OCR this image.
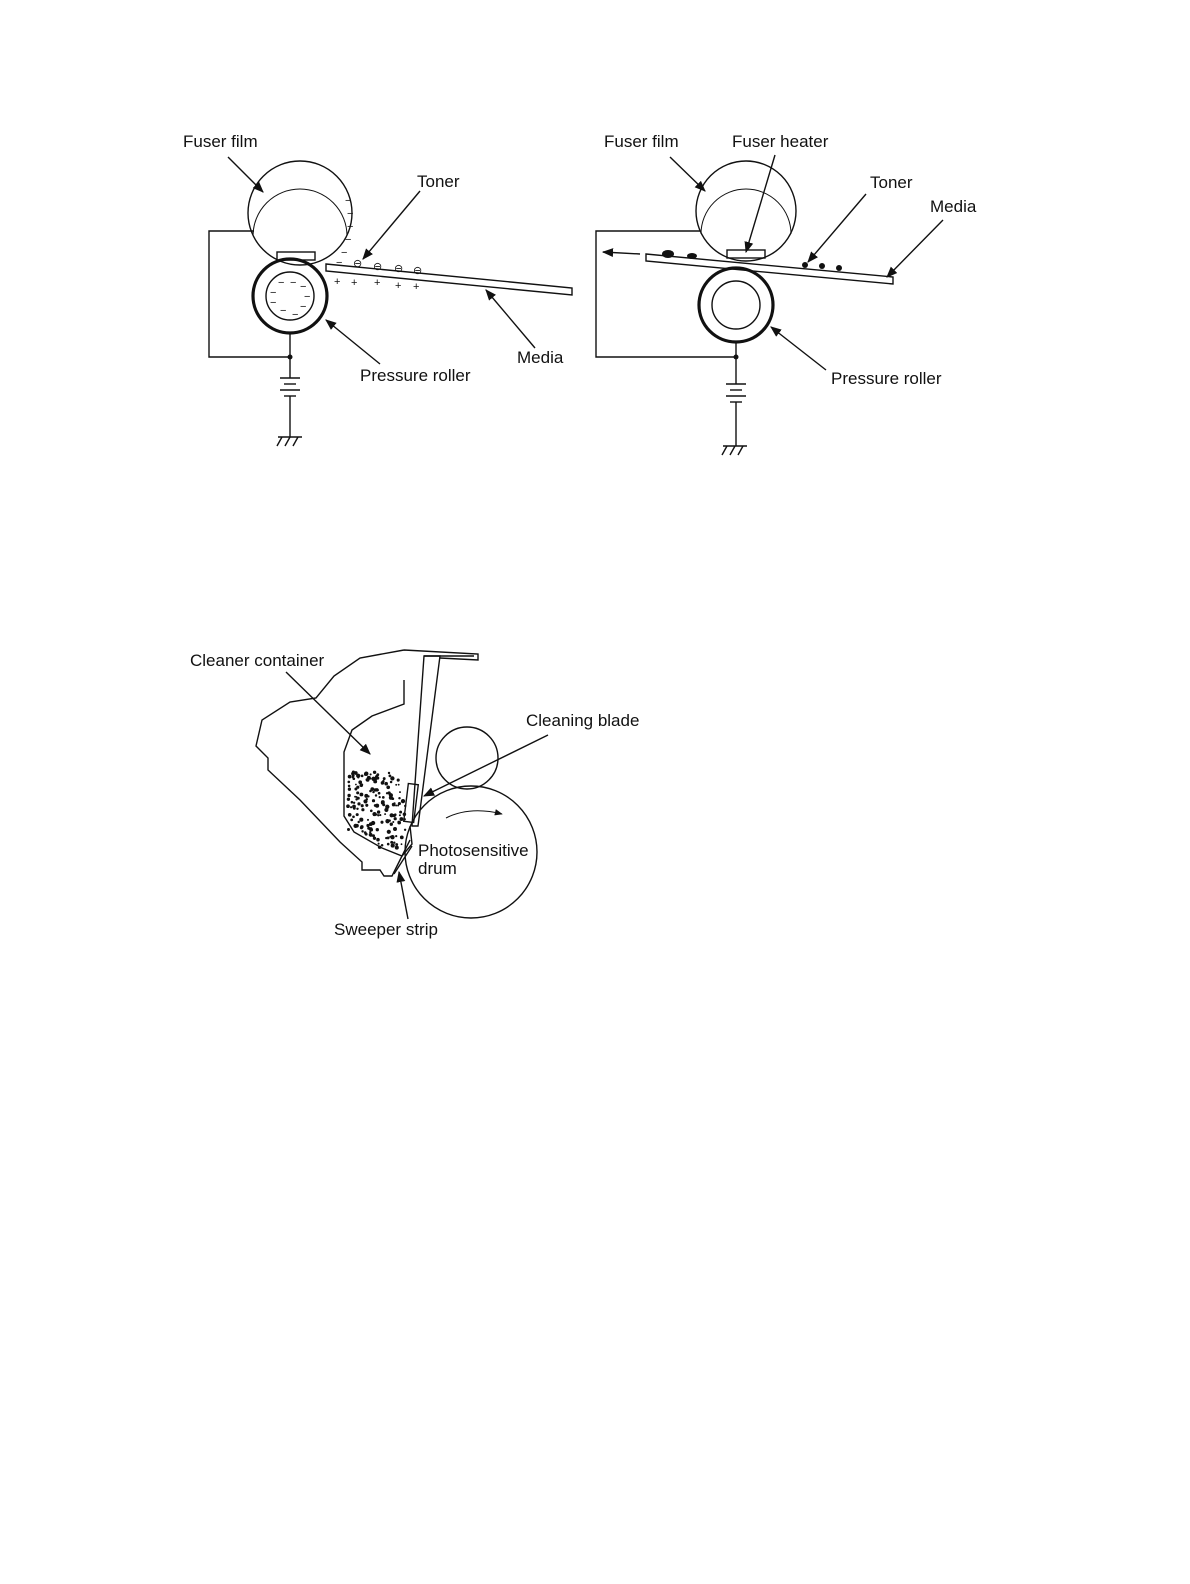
− − −
−	−
− −
− −
−
−
−
−
−
− ⊖ ⊖ ⊖ ⊖
+ + + + +
Fuser film
Toner
Pressure roller
Media
Fuser film	Fuser heater
Toner
Media
Pressure roller
Cleaner container
Cleaning blade
Photosensitive
drum
Sweeper strip
